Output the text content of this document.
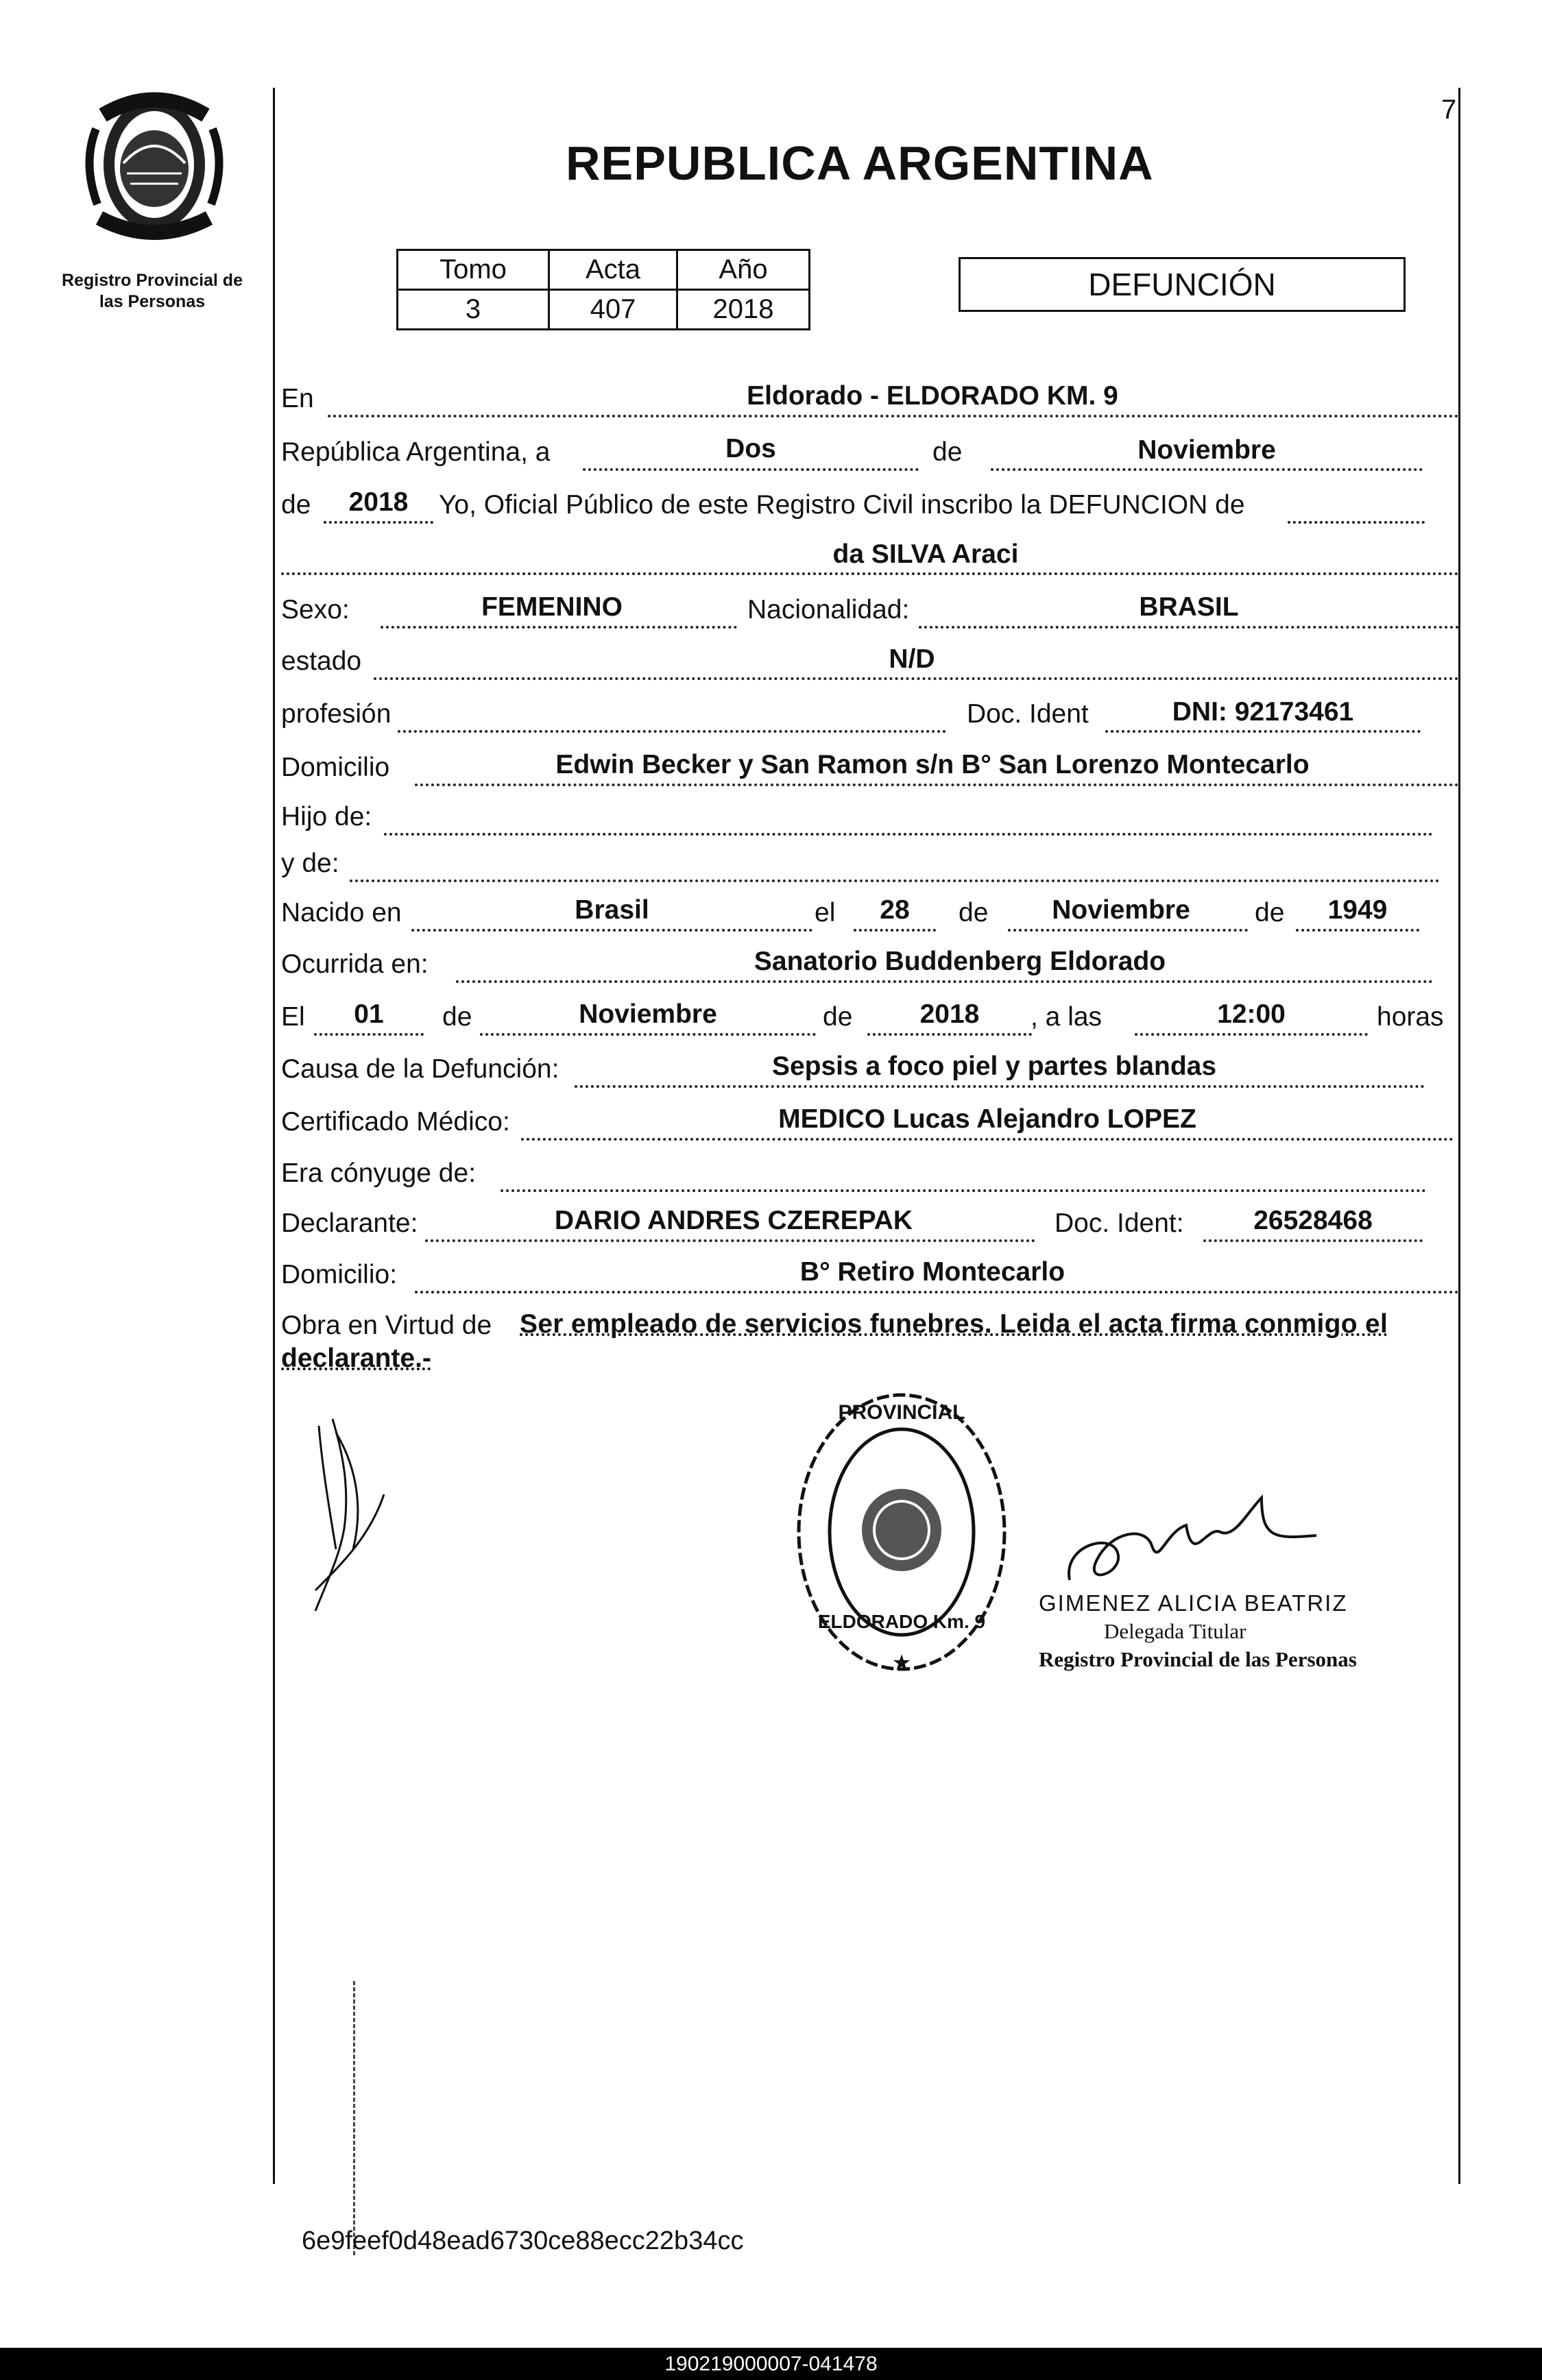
7
Registro Provincial de
las Personas
REPUBLICA ARGENTINA
Tomo	Acta	Año
3	407	2018
DEFUNCIÓN
En	Eldorado - ELDORADO KM. 9
República Argentina, a	Dos	de	Noviembre
de	2018	Yo, Oficial Público de este Registro Civil inscribo la DEFUNCION de
da SILVA Araci
Sexo:	FEMENINO	Nacionalidad:	BRASIL
estado	N/D
profesión	Doc. Ident	DNI: 92173461
Domicilio	Edwin Becker y San Ramon s/n B° San Lorenzo Montecarlo
Hijo de:
y de:
Nacido en	Brasil	el	28	de	Noviembre	de	1949
Ocurrida en:	Sanatorio Buddenberg Eldorado
El	01	de	Noviembre	de	2018	, a las	12:00	horas
Causa de la Defunción:	Sepsis a foco piel y partes blandas
Certificado Médico:	MEDICO Lucas Alejandro LOPEZ
Era cónyuge de:
Declarante:	DARIO ANDRES CZEREPAK	Doc. Ident:	26528468
Domicilio:	B° Retiro Montecarlo
Obra en Virtud de Ser empleado de servicios funebres. Leida el acta firma conmigo el
declarante.-
PROVINCIAL
★
ELDORADO Km. 9
GIMENEZ ALICIA BEATRIZ
Delegada Titular
Registro Provincial de las Personas
6e9feef0d48ead6730ce88ecc22b34cc
190219000007-041478
